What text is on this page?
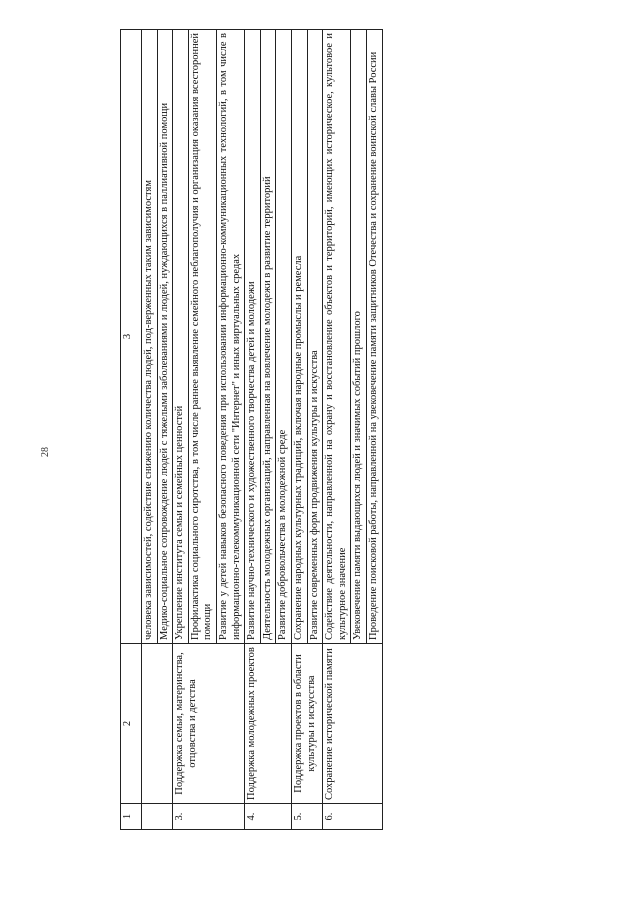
28
1	2	3
		человека зависимостей, содействие снижению количества людей, под-верженных таким зависимостям
		Медико-социальное сопровождение людей с тяжелыми заболеваниями и людей, нуждающихся в паллиативной помощи
3.	Поддержка семьи, материнства, отцовства и детства	Укрепление института семьи и семейных ценностей
		Профилактика социального сиротства, в том числе раннее выявление семейного неблагополучия и организация оказания всесторонней помощи
		Развитие у детей навыков безопасного поведения при использовании информационно-коммуникационных технологий, в том числе в информационно-телекоммуникационной сети "Интернет" и иных виртуальных средах
4.	Поддержка молодежных проектов	Развитие научно-технического и художественного творчества детей и молодежи
		Деятельность молодежных организаций, направленная на вовлечение молодежи в развитие территорий
		Развитие добровольчества в молодежной среде
5.	Поддержка проектов в области культуры и искусства	Сохранение народных культурных традиций, включая народные промыслы и ремесла
		Развитие современных форм продвижения культуры и искусства
6.	Сохранение исторической памяти	Содействие деятельности, направленной на охрану и восстановление объектов и территорий, имеющих историческое, культовое и культурное значение
		Увековечение памяти выдающихся людей и значимых событий прошлого
		Проведение поисковой работы, направленной на увековечение памяти защитников Отечества и сохранение воинской славы России
